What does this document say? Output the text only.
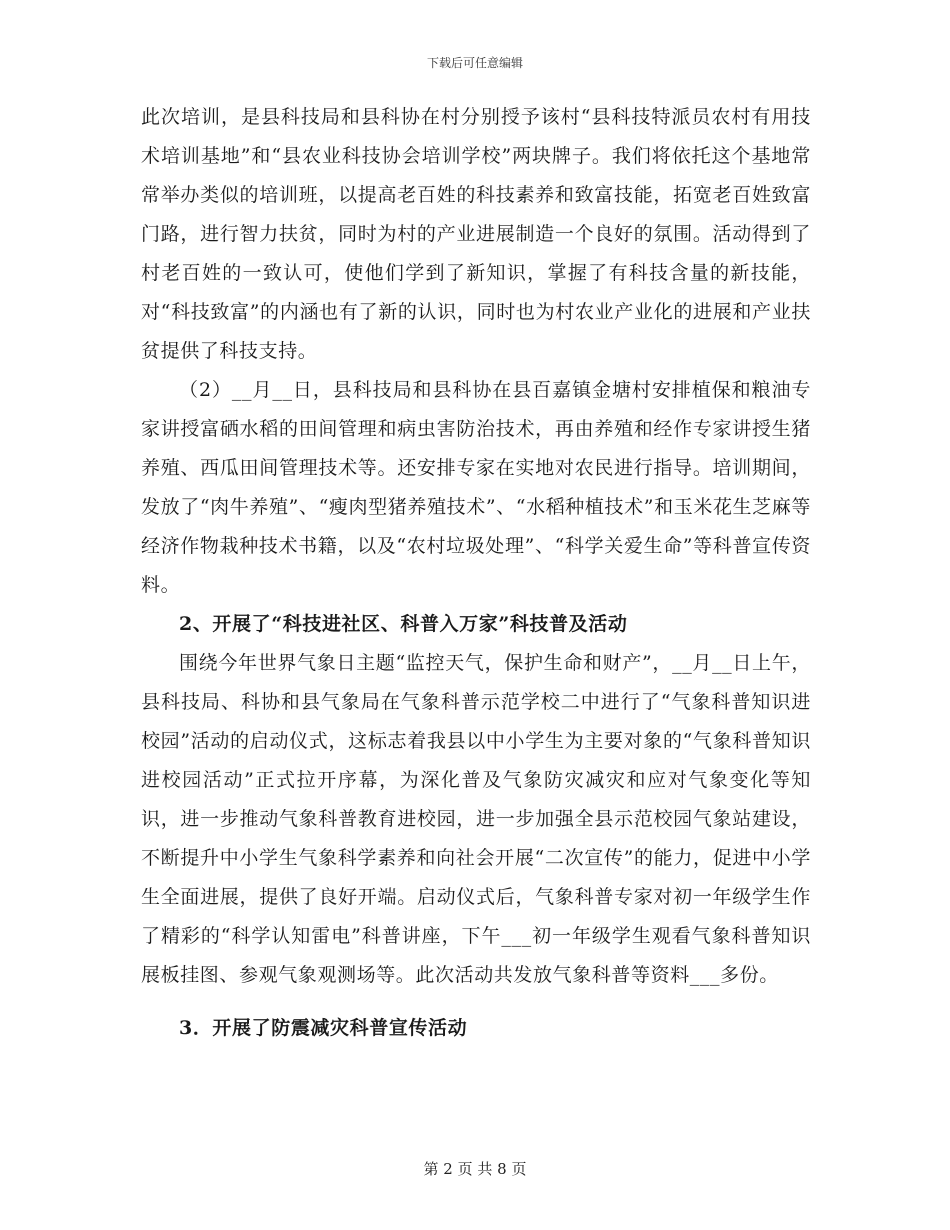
下载后可任意编辑

此次培训，是县科技局和县科协在村分别授予该村“县科技特派员农村有用技术培训基地”和“县农业科技协会培训学校”两块牌子。我们将依托这个基地常常举办类似的培训班，以提高老百姓的科技素养和致富技能，拓宽老百姓致富门路，进行智力扶贫，同时为村的产业进展制造一个良好的氛围。活动得到了村老百姓的一致认可，使他们学到了新知识，掌握了有科技含量的新技能，对“科技致富”的内涵也有了新的认识，同时也为村农业产业化的进展和产业扶贫提供了科技支持。

（2）__月__日，县科技局和县科协在县百嘉镇金塘村安排植保和粮油专家讲授富硒水稻的田间管理和病虫害防治技术，再由养殖和经作专家讲授生猪养殖、西瓜田间管理技术等。还安排专家在实地对农民进行指导。培训期间，发放了“肉牛养殖”、“瘦肉型猪养殖技术”、“水稻种植技术”和玉米花生芝麻等经济作物栽种技术书籍，以及“农村垃圾处理”、“科学关爱生命”等科普宣传资料。

2、开展了“科技进社区、科普入万家”科技普及活动

围绕今年世界气象日主题“监控天气，保护生命和财产”，__月__日上午，县科技局、科协和县气象局在气象科普示范学校二中进行了“气象科普知识进校园”活动的启动仪式，这标志着我县以中小学生为主要对象的“气象科普知识进校园活动”正式拉开序幕，为深化普及气象防灾减灾和应对气象变化等知识，进一步推动气象科普教育进校园，进一步加强全县示范校园气象站建设，不断提升中小学生气象科学素养和向社会开展“二次宣传”的能力，促进中小学生全面进展，提供了良好开端。启动仪式后，气象科普专家对初一年级学生作了精彩的“科学认知雷电”科普讲座，下午___初一年级学生观看气象科普知识展板挂图、参观气象观测场等。此次活动共发放气象科普等资料___多份。

3．开展了防震减灾科普宣传活动

第 2 页 共 8 页
